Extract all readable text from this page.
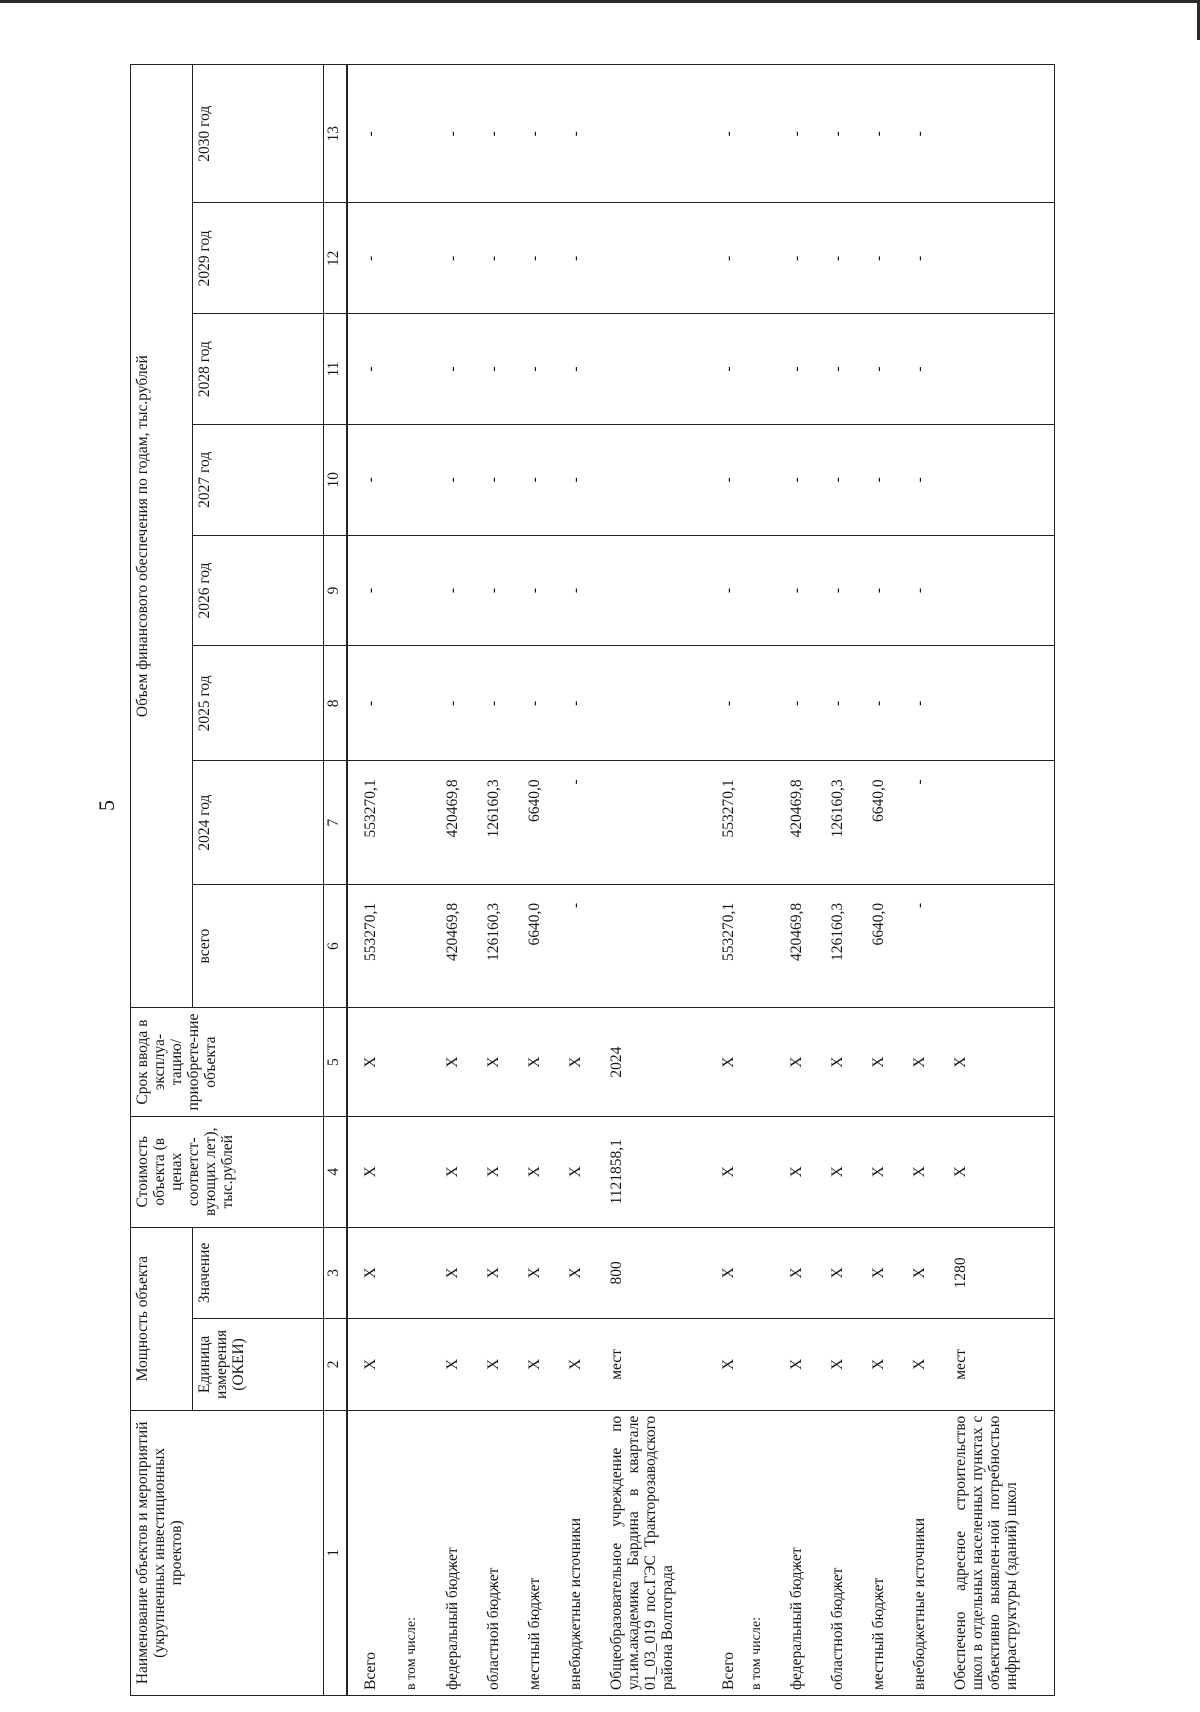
5
Наименование объектов и мероприятий (укрупненных инвестиционных проектов)	Мощность объекта		Стоимость объекта (в ценах соответст-вующих лет), тыс.рублей	Срок ввода в эксплуа-тацию/ приобрете-ние объекта	Объем финансового обеспечения по годам, тыс.рублей							
	Единица измерения (ОКЕИ)	Значение			всего	2024 год	2025 год	2026 год	2027 год	2028 год	2029 год	2030 год
1	2	3	4	5	6	7	8	9	10	11	12	13
Всего	X	X	X	X	553270,1	553270,1	-	-	-	-	-	-
в том числе:												
федеральный бюджет	X	X	X	X	420469,8	420469,8	-	-	-	-	-	-
областной бюджет	X	X	X	X	126160,3	126160,3	-	-	-	-	-	-
местный бюджет	X	X	X	X	6640,0	6640,0	-	-	-	-	-	-
внебюджетные источники	X	X	X	X	-	-	-	-	-	-	-	-
Общеобразовательное учреждение по ул.им.академика Бардина в квартале 01_03_019 пос.ГЭС Тракторозаводского района Волгограда	мест	800	1121858,1	2024								
Всего	X	X	X	X	553270,1	553270,1	-	-	-	-	-	-
в том числе:												
федеральный бюджет	X	X	X	X	420469,8	420469,8	-	-	-	-	-	-
областной бюджет	X	X	X	X	126160,3	126160,3	-	-	-	-	-	-
местный бюджет	X	X	X	X	6640,0	6640,0	-	-	-	-	-	-
внебюджетные источники	X	X	X	X	-	-	-	-	-	-	-	-
Обеспечено адресное строительство школ в отдельных населенных пунктах с объективно выявлен-ной потребностью инфраструктуры (зданий) школ	мест	1280	X	X								
